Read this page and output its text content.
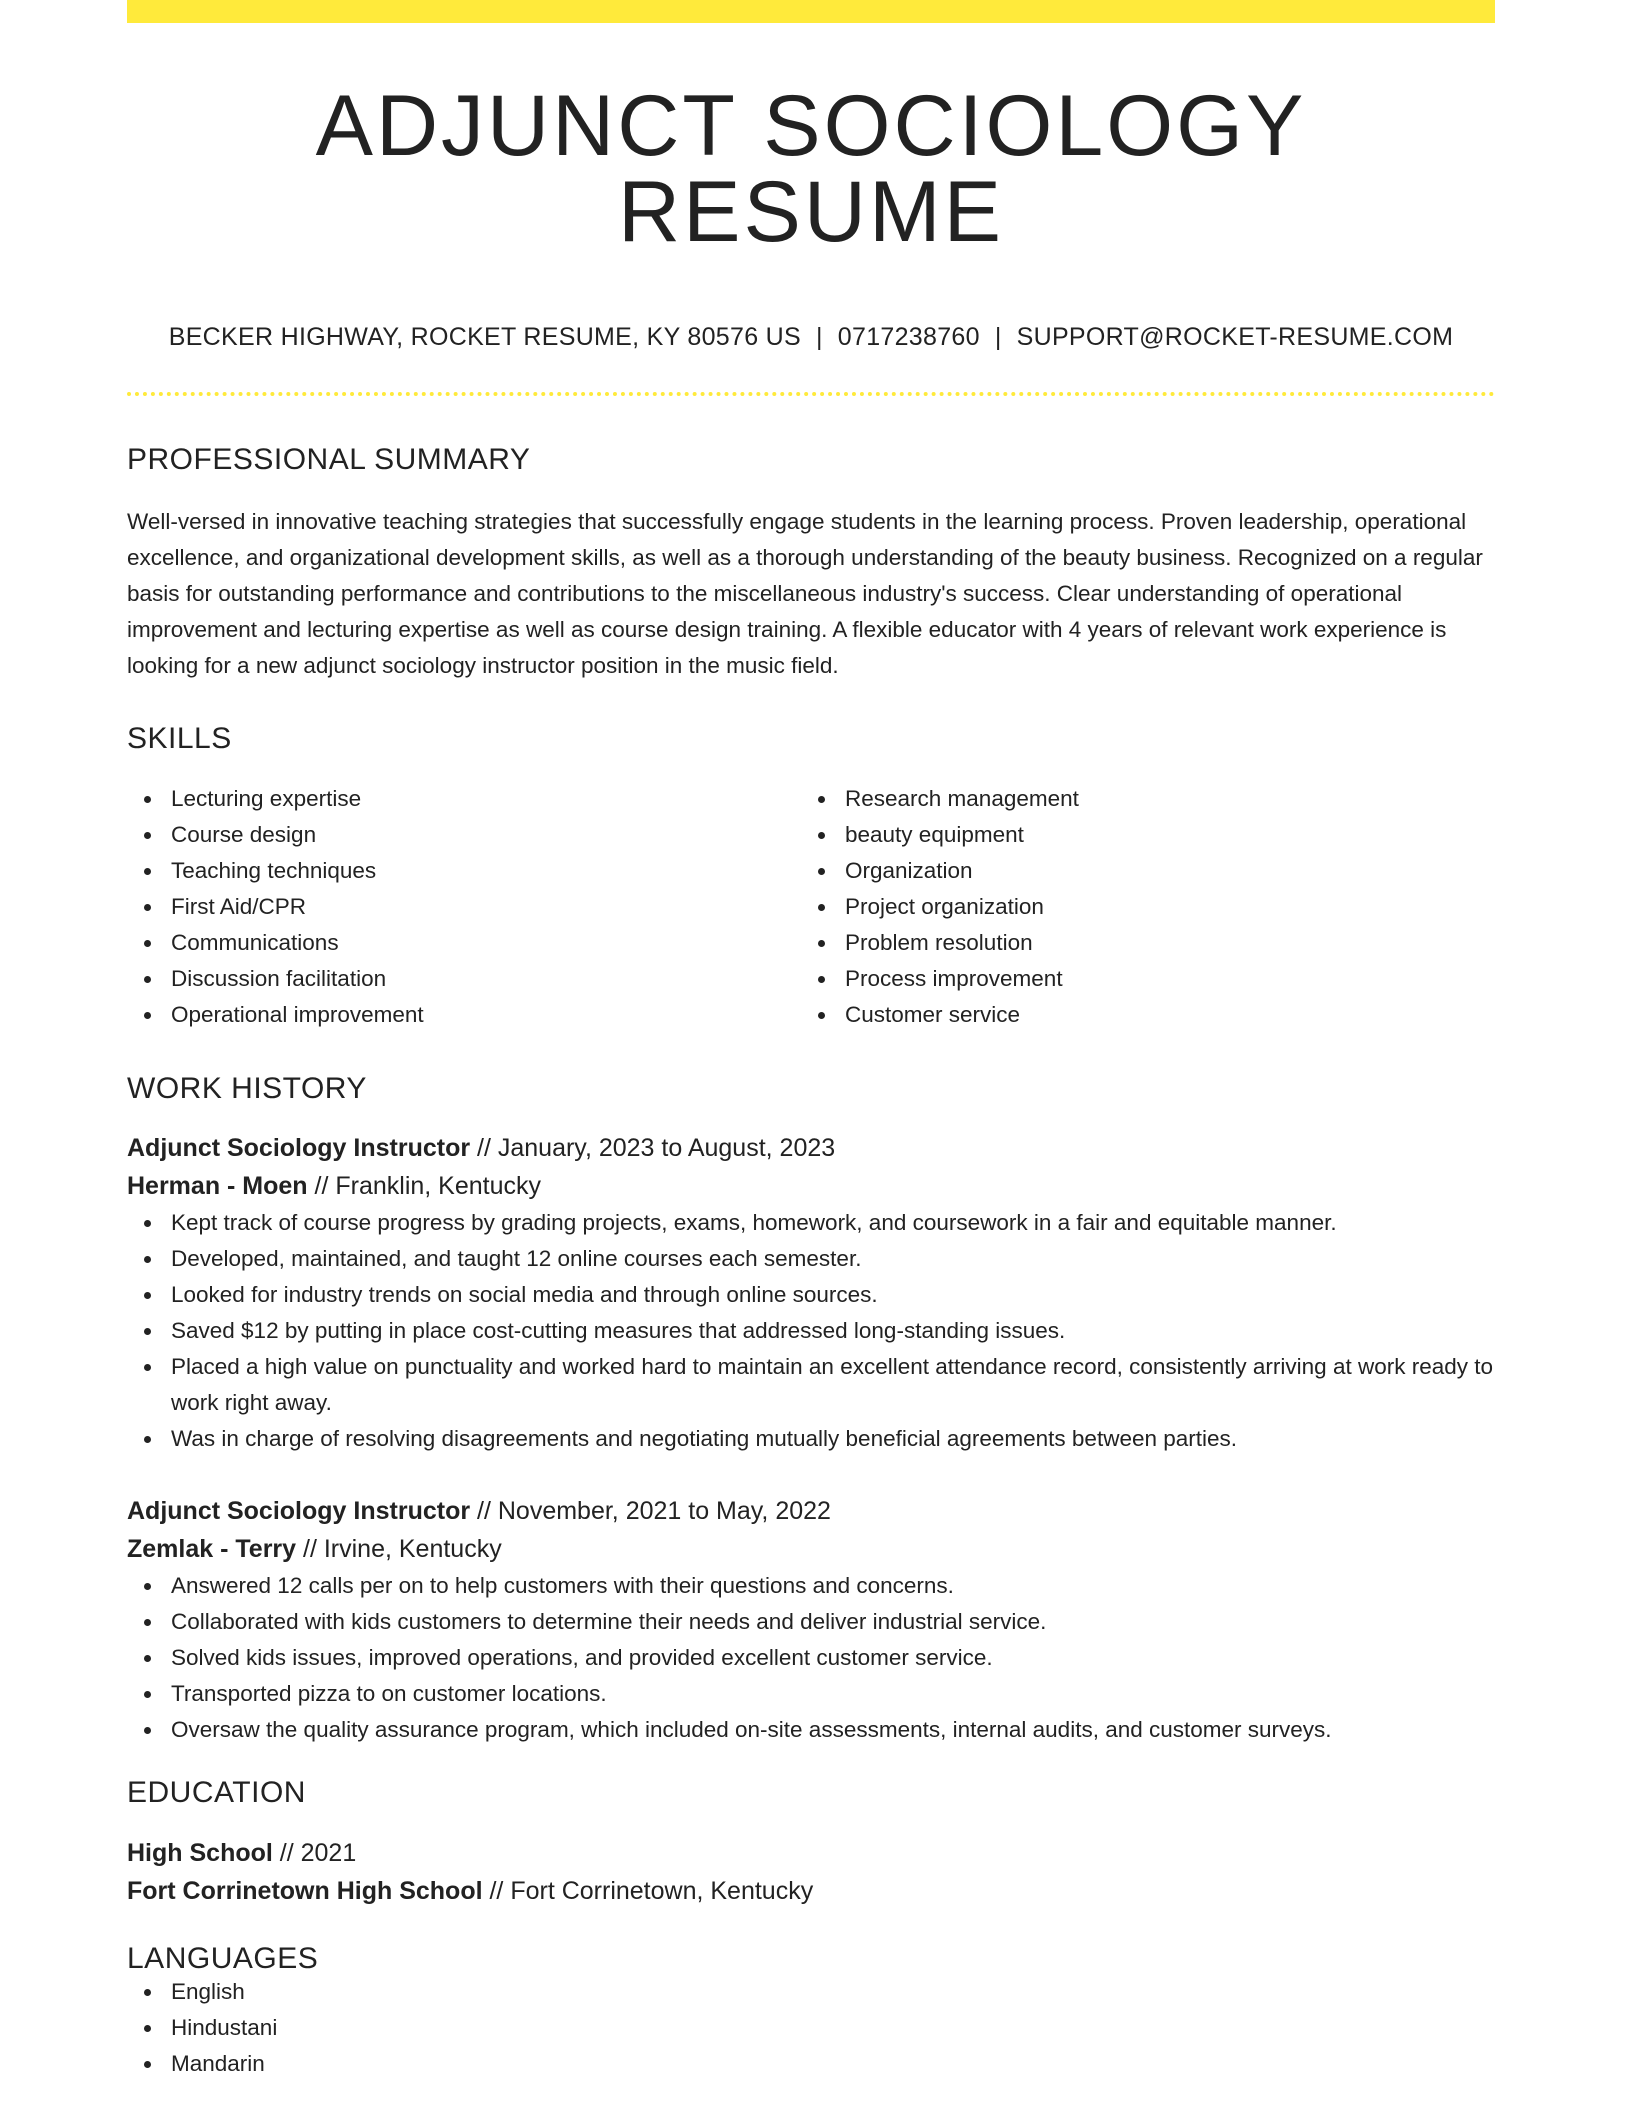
ADJUNCT SOCIOLOGY RESUME
BECKER HIGHWAY, ROCKET RESUME, KY 80576 US | 0717238760 | SUPPORT@ROCKET-RESUME.COM
PROFESSIONAL SUMMARY

Well-versed in innovative teaching strategies that successfully engage students in the learning process. Proven leadership, operational excellence, and organizational development skills, as well as a thorough understanding of the beauty business. Recognized on a regular basis for outstanding performance and contributions to the miscellaneous industry's success. Clear understanding of operational improvement and lecturing expertise as well as course design training. A flexible educator with 4 years of relevant work experience is looking for a new adjunct sociology instructor position in the music field.

SKILLS
Lecturing expertise
Course design
Teaching techniques
First Aid/CPR
Communications
Discussion facilitation
Operational improvement
Research management
beauty equipment
Organization
Project organization
Problem resolution
Process improvement
Customer service
WORK HISTORY
Adjunct Sociology Instructor // January, 2023 to August, 2023
Herman - Moen // Franklin, Kentucky
Kept track of course progress by grading projects, exams, homework, and coursework in a fair and equitable manner.
Developed, maintained, and taught 12 online courses each semester.
Looked for industry trends on social media and through online sources.
Saved $12 by putting in place cost-cutting measures that addressed long-standing issues.
Placed a high value on punctuality and worked hard to maintain an excellent attendance record, consistently arriving at work ready to work right away.
Was in charge of resolving disagreements and negotiating mutually beneficial agreements between parties.
Adjunct Sociology Instructor // November, 2021 to May, 2022
Zemlak - Terry // Irvine, Kentucky
Answered 12 calls per on to help customers with their questions and concerns.
Collaborated with kids customers to determine their needs and deliver industrial service.
Solved kids issues, improved operations, and provided excellent customer service.
Transported pizza to on customer locations.
Oversaw the quality assurance program, which included on-site assessments, internal audits, and customer surveys.
EDUCATION
High School // 2021
Fort Corrinetown High School // Fort Corrinetown, Kentucky
LANGUAGES
English
Hindustani
Mandarin
